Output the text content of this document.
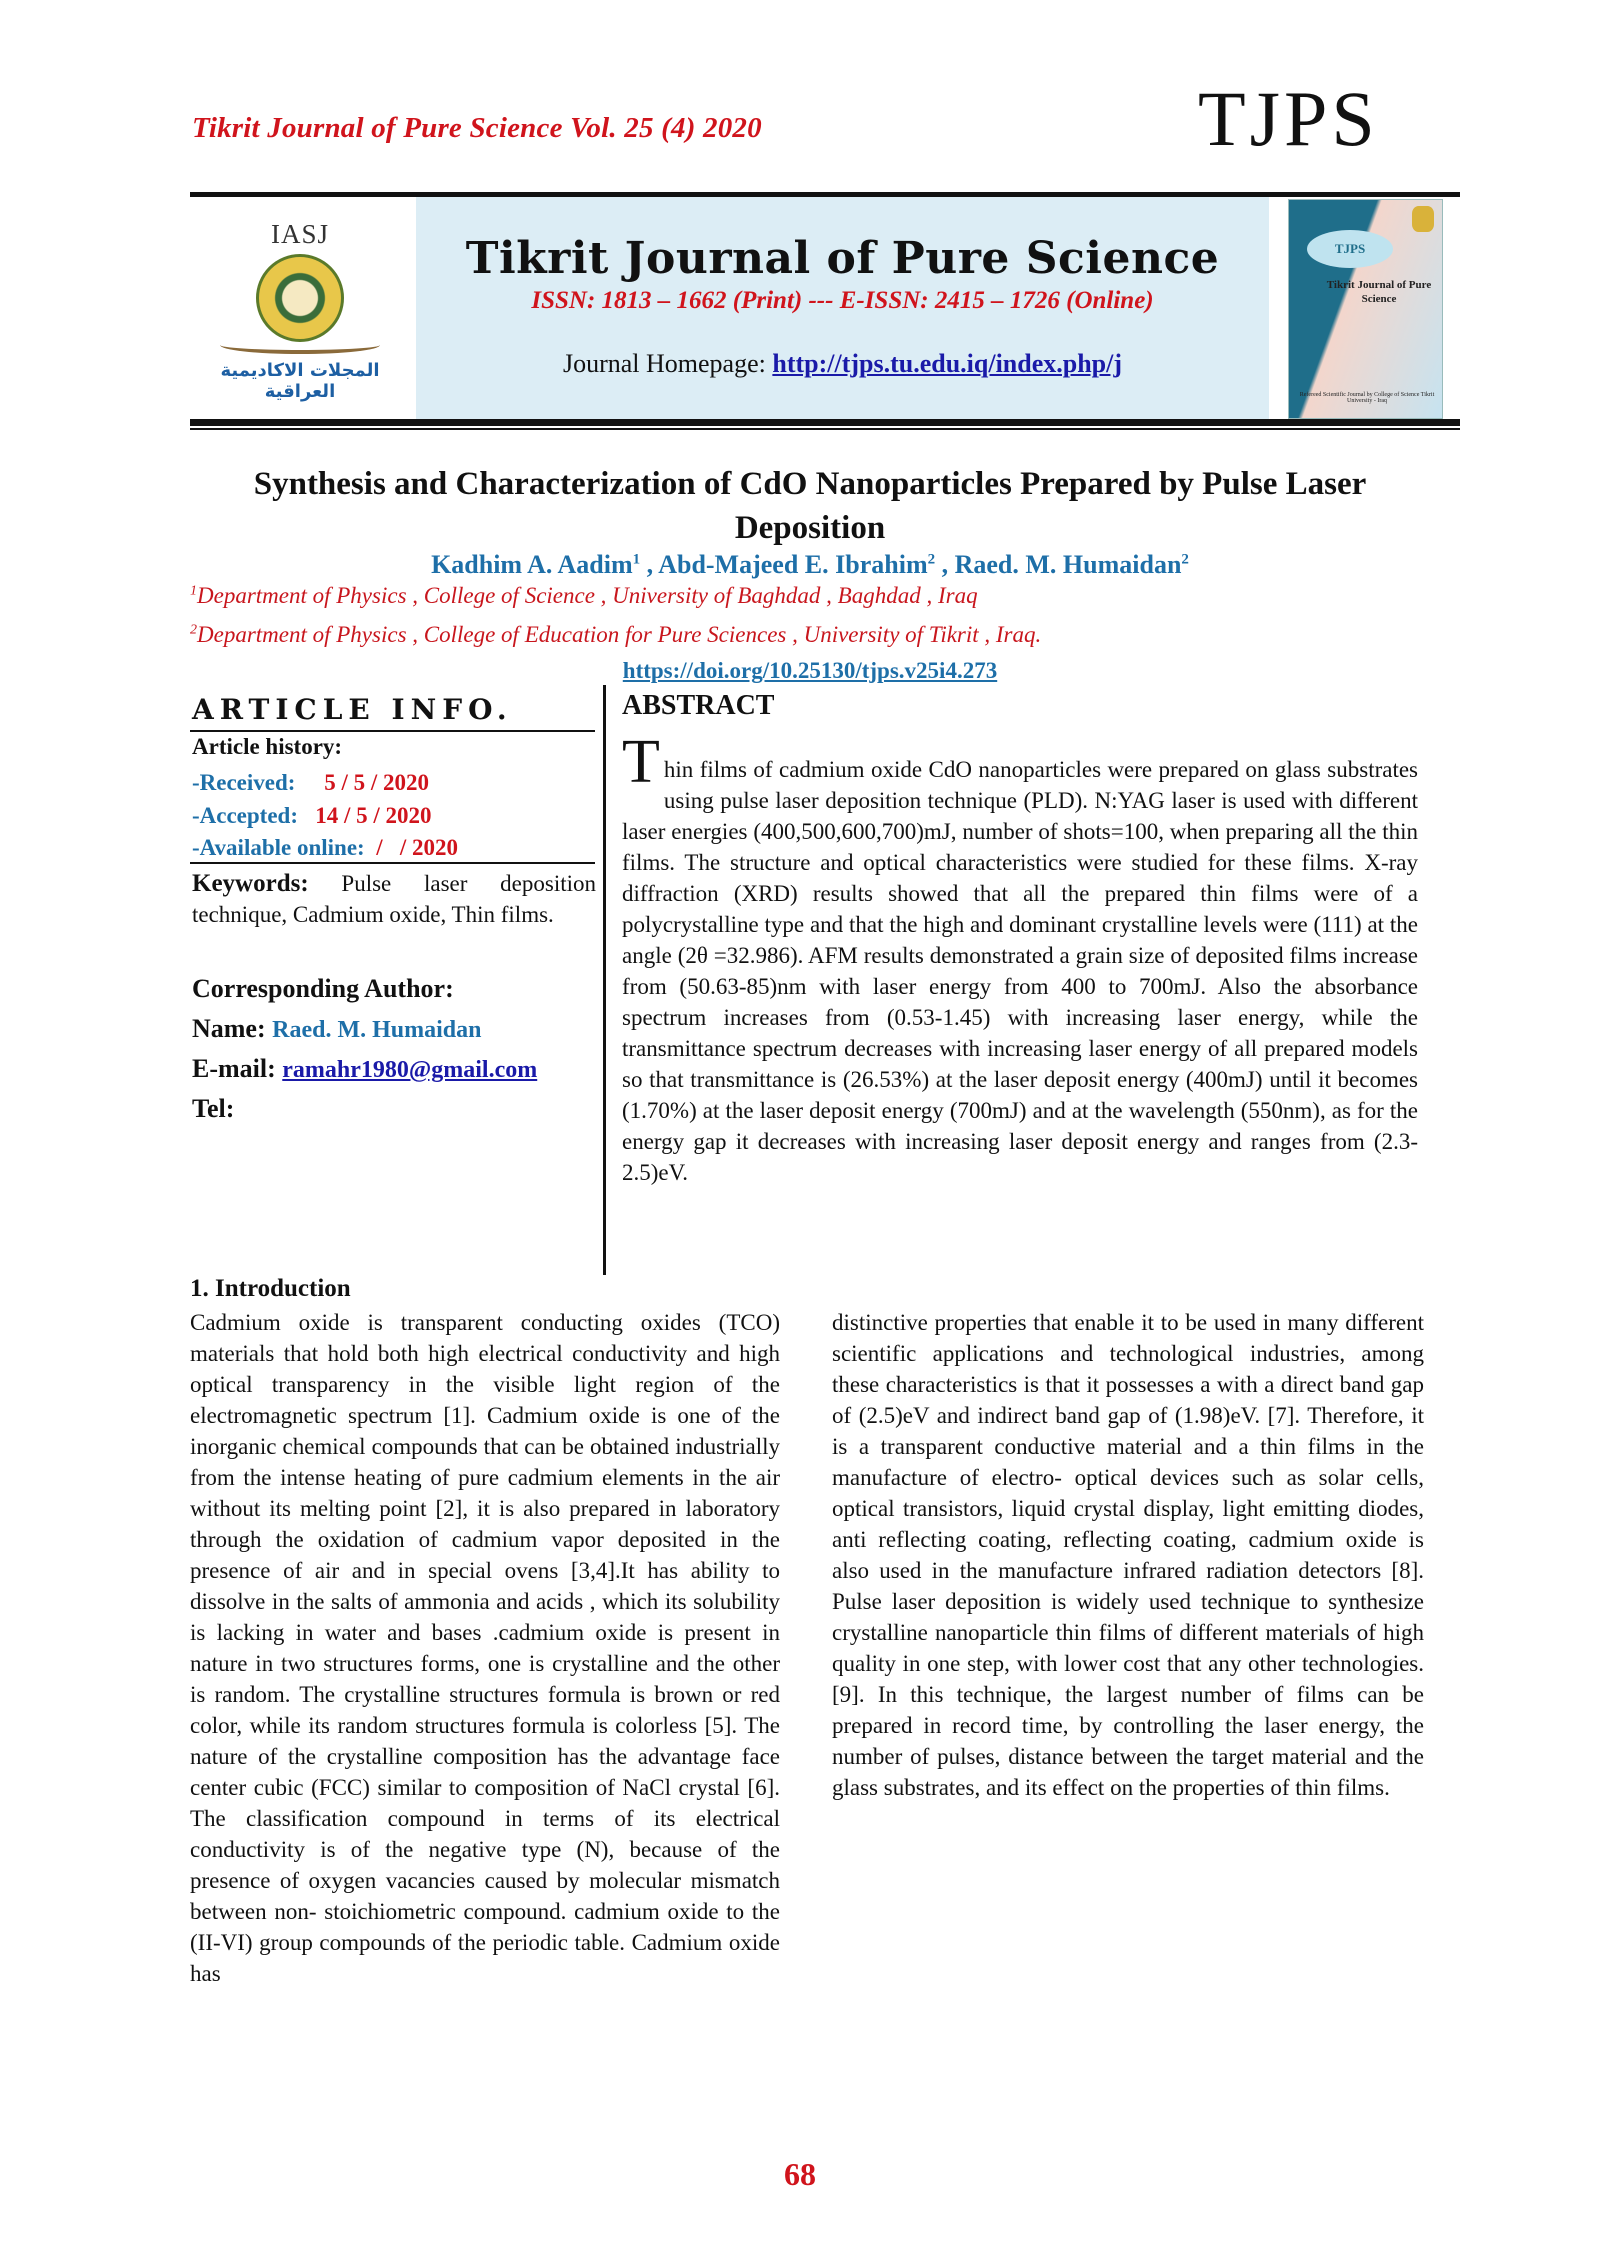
Tikrit Journal of Pure Science Vol. 25 (4) 2020	TJPS
IASJ
المجلات الاكاديمية العراقية
Tikrit Journal of Pure Science
ISSN: 1813 – 1662 (Print) --- E-ISSN: 2415 – 1726 (Online)
Journal Homepage: http://tjps.tu.edu.iq/index.php/j
TJPS
Tikrit Journal of Pure Science
Refereed Scientific Journal by College of Science Tikrit University - Iraq
Synthesis and Characterization of CdO Nanoparticles Prepared by Pulse Laser Deposition
Kadhim A. Aadim$^1$ , Abd-Majeed E. Ibrahim$^2$ , Raed. M. Humaidan$^2$
$^1$Department of Physics , College of Science , University of Baghdad , Baghdad , Iraq
$^2$Department of Physics , College of Education for Pure Sciences , University of Tikrit , Iraq.
https://doi.org/10.25130/tjps.v25i4.273
ARTICLE INFO.
Article history:
-Received: 5 / 5 / 2020
-Accepted: 14 / 5 / 2020
-Available online: /   / 2020
Keywords: Pulse laser deposition technique, Cadmium oxide, Thin films.
Corresponding Author:
Name: Raed. M. Humaidan
E-mail: ramahr1980@gmail.com
Tel:
ABSTRACT
T hin films of cadmium oxide CdO nanoparticles were prepared on glass substrates using pulse laser deposition technique (PLD). N:YAG laser is used with different laser energies (400,500,600,700)mJ, number of shots=100, when preparing all the thin films. The structure and optical characteristics were studied for these films. X-ray diffraction (XRD) results showed that all the prepared thin films were of a polycrystalline type and that the high and dominant crystalline levels were (111) at the angle (2θ =32.986). AFM results demonstrated a grain size of deposited films increase from (50.63-85)nm with laser energy from 400 to 700mJ. Also the absorbance spectrum increases from (0.53-1.45) with increasing laser energy, while the transmittance spectrum decreases with increasing laser energy of all prepared models so that transmittance is (26.53%) at the laser deposit energy (400mJ) until it becomes (1.70%) at the laser deposit energy (700mJ) and at the wavelength (550nm), as for the energy gap it decreases with increasing laser deposit energy and ranges from (2.3-2.5)eV.
1. Introduction
Cadmium oxide is transparent conducting oxides (TCO) materials that hold both high electrical conductivity and high optical transparency in the visible light region of the electromagnetic spectrum [1]. Cadmium oxide is one of the inorganic chemical compounds that can be obtained industrially from the intense heating of pure cadmium elements in the air without its melting point [2], it is also prepared in laboratory through the oxidation of cadmium vapor deposited in the presence of air and in special ovens [3,4].It has ability to dissolve in the salts of ammonia and acids , which its solubility is lacking in water and bases .cadmium oxide is present in nature in two structures forms, one is crystalline and the other is random. The crystalline structures formula is brown or red color, while its random structures formula is colorless [5]. The nature of the crystalline composition has the advantage face center cubic (FCC) similar to composition of NaCl crystal [6]. The classification compound in terms of its electrical conductivity is of the negative type (N), because of the presence of oxygen vacancies caused by molecular mismatch between non- stoichiometric compound. cadmium oxide to the (II-VI) group compounds of the periodic table. Cadmium oxide has
distinctive properties that enable it to be used in many different scientific applications and technological industries, among these characteristics is that it possesses a with a direct band gap of (2.5)eV and indirect band gap of (1.98)eV. [7]. Therefore, it is a transparent conductive material and a thin films in the manufacture of electro- optical devices such as solar cells, optical transistors, liquid crystal display, light emitting diodes, anti reflecting coating, reflecting coating, cadmium oxide is also used in the manufacture infrared radiation detectors [8]. Pulse laser deposition is widely used technique to synthesize crystalline nanoparticle thin films of different materials of high quality in one step, with lower cost that any other technologies.[9]. In this technique, the largest number of films can be prepared in record time, by controlling the laser energy, the number of pulses, distance between the target material and the glass substrates, and its effect on the properties of thin films.
68
